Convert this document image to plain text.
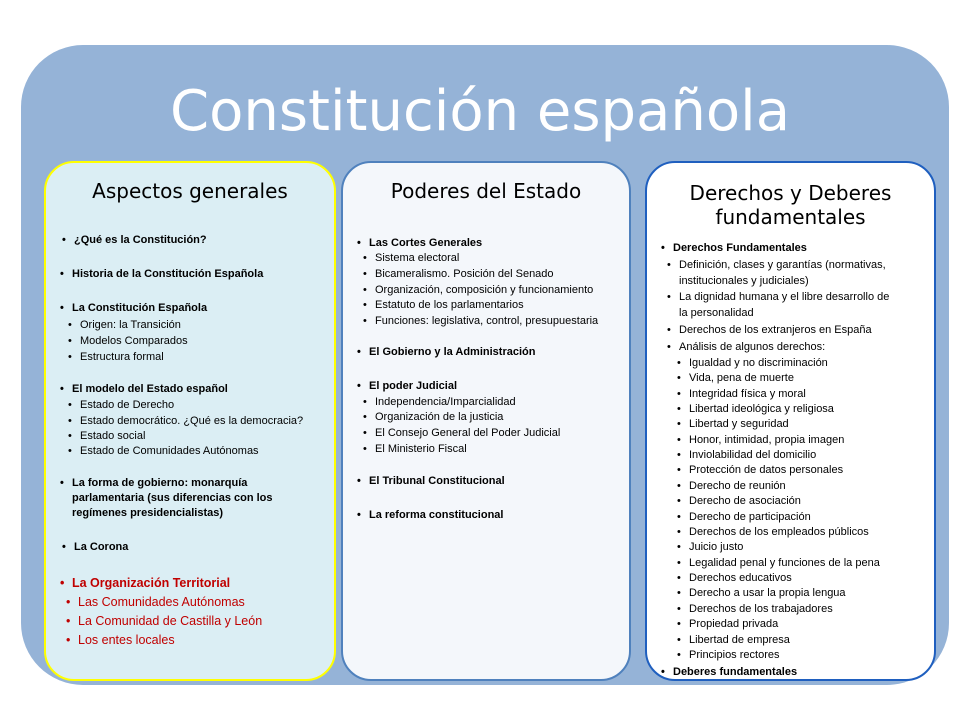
Constitución española
Aspectos generales
• ¿Qué es la Constitución?
• Historia de la Constitución Española
• La Constitución Española
• Origen: la Transición
• Modelos Comparados
• Estructura formal
• El modelo del Estado español
• Estado de Derecho
• Estado democrático. ¿Qué es la democracia?
• Estado social
• Estado de Comunidades Autónomas
• La forma de gobierno: monarquía
parlamentaria (sus diferencias con los
regímenes presidencialistas)
• La Corona
• La Organización Territorial
• Las Comunidades Autónomas
• La Comunidad de Castilla y León
• Los entes locales
Poderes del Estado
• Las Cortes Generales
• Sistema electoral
• Bicameralismo. Posición del Senado
• Organización, composición y funcionamiento
• Estatuto de los parlamentarios
• Funciones: legislativa, control, presupuestaria
• El Gobierno y la Administración
• El poder Judicial
• Independencia/Imparcialidad
• Organización de la justicia
• El Consejo General del Poder Judicial
• El Ministerio Fiscal
• El Tribunal Constitucional
• La reforma constitucional
Derechos y Deberes
fundamentales
• Derechos Fundamentales
• Definición, clases y garantías (normativas,
institucionales y judiciales)
• La dignidad humana y el libre desarrollo de
la personalidad
• Derechos de los extranjeros en España
• Análisis de algunos derechos:
• Igualdad y no discriminación
• Vida, pena de muerte
• Integridad física y moral
• Libertad ideológica y religiosa
• Libertad y seguridad
• Honor, intimidad, propia imagen
• Inviolabilidad del domicilio
• Protección de datos personales
• Derecho de reunión
• Derecho de asociación
• Derecho de participación
• Derechos de los empleados públicos
• Juicio justo
• Legalidad penal y funciones de la pena
• Derechos educativos
• Derecho a usar la propia lengua
• Derechos de los trabajadores
• Propiedad privada
• Libertad de empresa
• Principios rectores
• Deberes fundamentales
